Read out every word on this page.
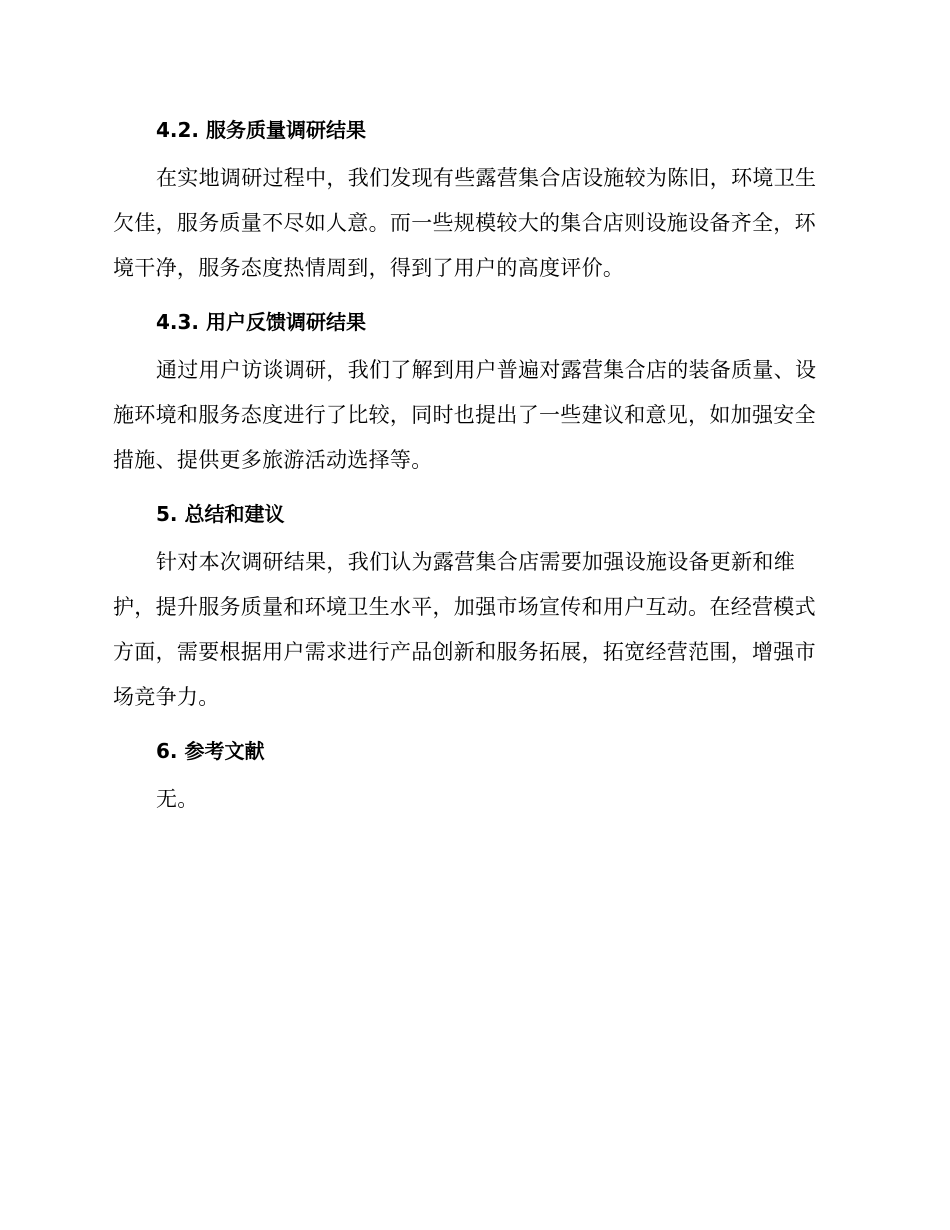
4.2. 服务质量调研结果
在实地调研过程中，我们发现有些露营集合店设施较为陈旧，环境卫生
欠佳，服务质量不尽如人意。而一些规模较大的集合店则设施设备齐全，环
境干净，服务态度热情周到，得到了用户的高度评价。
4.3. 用户反馈调研结果
通过用户访谈调研，我们了解到用户普遍对露营集合店的装备质量、设
施环境和服务态度进行了比较，同时也提出了一些建议和意见，如加强安全
措施、提供更多旅游活动选择等。
5. 总结和建议
针对本次调研结果，我们认为露营集合店需要加强设施设备更新和维
护，提升服务质量和环境卫生水平，加强市场宣传和用户互动。在经营模式
方面，需要根据用户需求进行产品创新和服务拓展，拓宽经营范围，增强市
场竞争力。
6. 参考文献
无。
